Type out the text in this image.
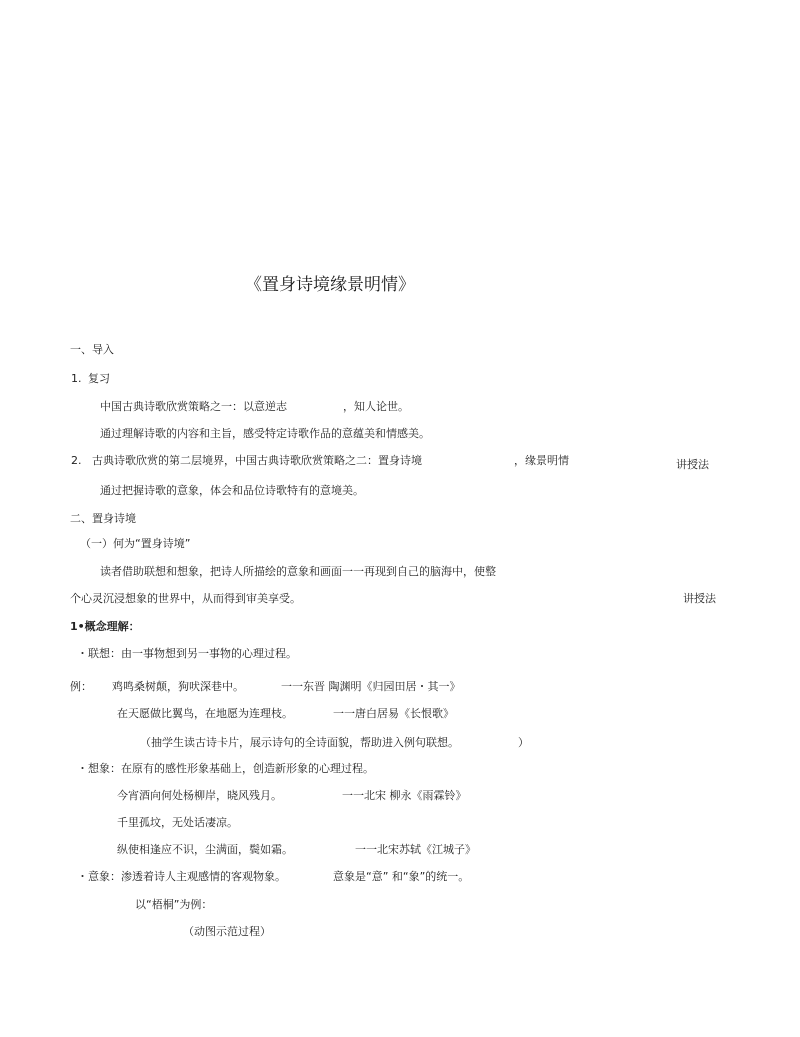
《置身诗境缘景明情》
一、导入
1. 复习
中国古典诗歌欣赏策略之一：以意逆志	，知人论世。
通过理解诗歌的内容和主旨，感受特定诗歌作品的意蕴美和情感美。
2. 古典诗歌欣赏的第二层境界，中国古典诗歌欣赏策略之二：置身诗境	，缘景明情	讲授法
通过把握诗歌的意象，体会和品位诗歌特有的意境美。
二、置身诗境
（一）何为“置身诗境”
读者借助联想和想象，把诗人所描绘的意象和画面一一再现到自己的脑海中，使整
个心灵沉浸想象的世界中，从而得到审美享受。	讲授法
1•概念理解：
・联想：由一事物想到另一事物的心理过程。
例： 鸡鸣桑树颠，狗吠深巷中。	一一东晋 陶渊明《归园田居・其一》
在天愿做比翼鸟，在地愿为连理枝。	一一唐白居易《长恨歌》
（抽学生读古诗卡片，展示诗句的全诗面貌，帮助进入例句联想。	）
・想象：在原有的感性形象基础上，创造新形象的心理过程。
今宵酒向何处杨柳岸，晓风残月。	一一北宋 柳永《雨霖铃》
千里孤坟，无处话凄凉。
纵使相逢应不识，尘满面，鬓如霜。	一一北宋苏轼《江城子》
・意象：渗透着诗人主观感情的客观物象。	意象是“意” 和“象”的统一。
以“梧桐”为例：
（动图示范过程）
